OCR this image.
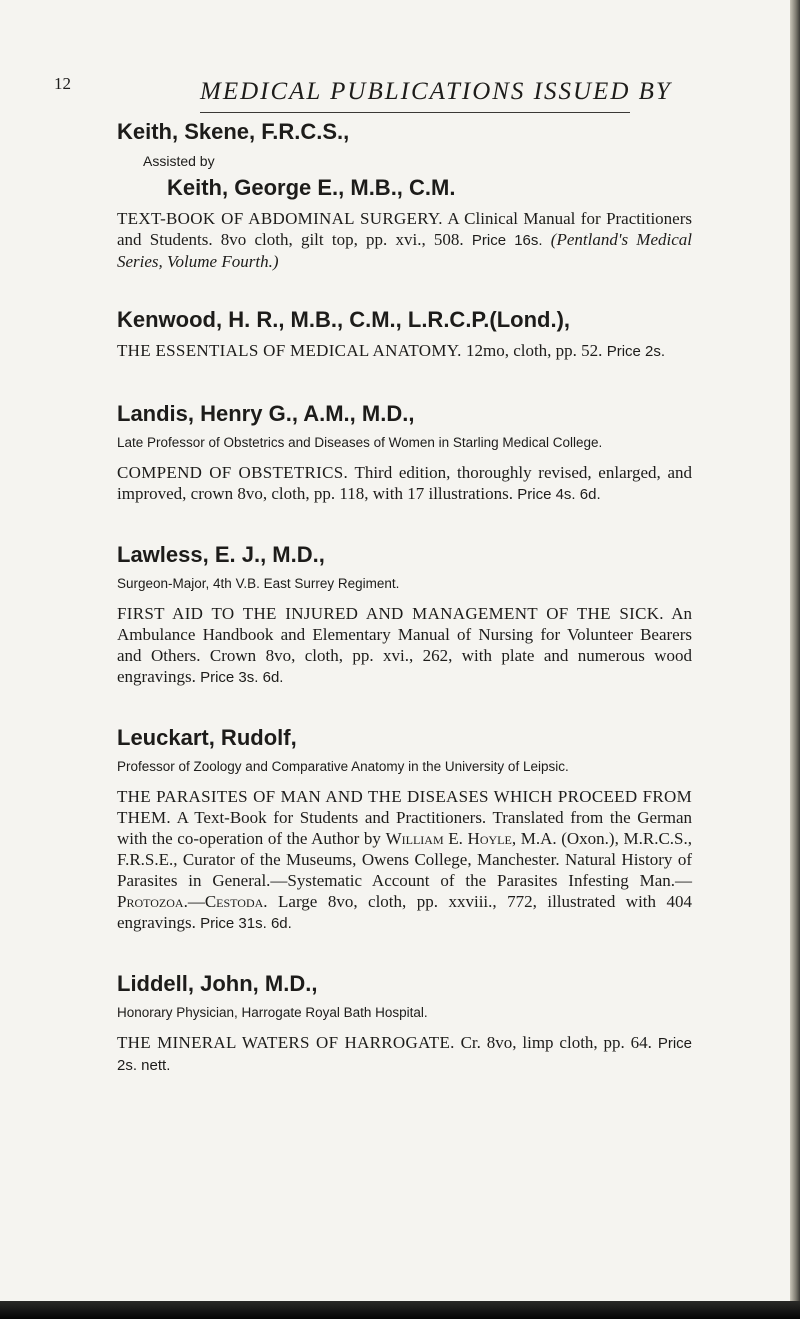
12	MEDICAL PUBLICATIONS ISSUED BY

Keith, Skene, F.R.C.S.,

Assisted by

Keith, George E., M.B., C.M.

TEXT-BOOK OF ABDOMINAL SURGERY. A Clinical Manual for Practitioners and Students. 8vo cloth, gilt top, pp. xvi., 508. Price 16s. (Pentland's Medical Series, Volume Fourth.)

Kenwood, H. R., M.B., C.M., L.R.C.P.(Lond.),

THE ESSENTIALS OF MEDICAL ANATOMY. 12mo, cloth, pp. 52. Price 2s.

Landis, Henry G., A.M., M.D.,

Late Professor of Obstetrics and Diseases of Women in Starling Medical College.

COMPEND OF OBSTETRICS. Third edition, thoroughly revised, enlarged, and improved, crown 8vo, cloth, pp. 118, with 17 illustrations. Price 4s. 6d.

Lawless, E. J., M.D.,

Surgeon-Major, 4th V.B. East Surrey Regiment.

FIRST AID TO THE INJURED AND MANAGEMENT OF THE SICK. An Ambulance Handbook and Elementary Manual of Nursing for Volunteer Bearers and Others. Crown 8vo, cloth, pp. xvi., 262, with plate and numerous wood engravings. Price 3s. 6d.

Leuckart, Rudolf,

Professor of Zoology and Comparative Anatomy in the University of Leipsic.

THE PARASITES OF MAN AND THE DISEASES WHICH PROCEED FROM THEM. A Text-Book for Students and Practitioners. Translated from the German with the co-operation of the Author by William E. Hoyle, M.A. (Oxon.), M.R.C.S., F.R.S.E., Curator of the Museums, Owens College, Manchester. Natural History of Parasites in General.—Systematic Account of the Parasites Infesting Man.—Protozoa.—Cestoda. Large 8vo, cloth, pp. xxviii., 772, illustrated with 404 engravings. Price 31s. 6d.

Liddell, John, M.D.,

Honorary Physician, Harrogate Royal Bath Hospital.

THE MINERAL WATERS OF HARROGATE. Cr. 8vo, limp cloth, pp. 64. Price 2s. nett.
